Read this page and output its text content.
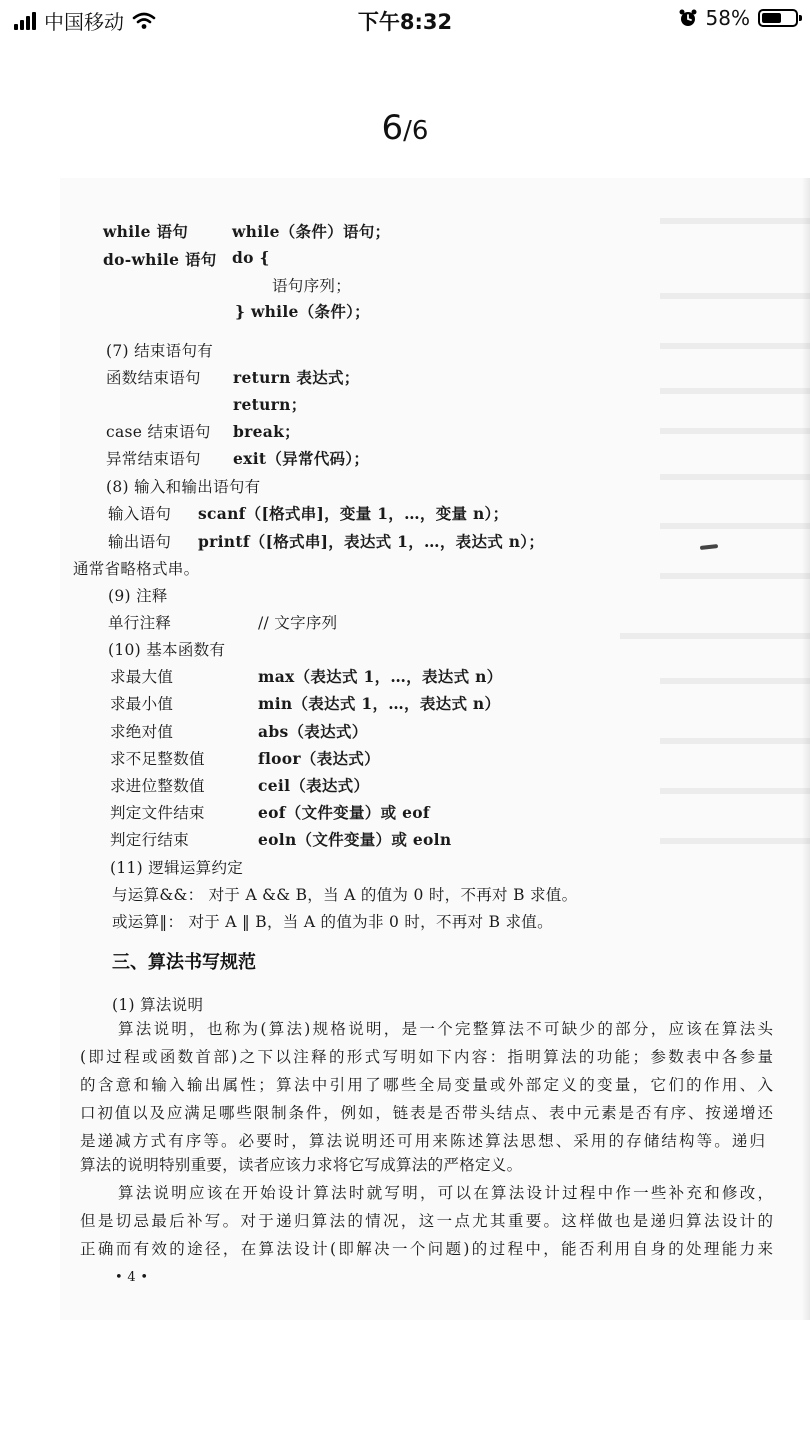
中国移动	下午8:32	58%
6/6
while 语句	while（条件）语句；
do-while 语句 do {
语句序列；
} while（条件）；
(7) 结束语句有
函数结束语句 return 表达式；
return；
case 结束语句 break；
异常结束语句 exit（异常代码）；
(8) 输入和输出语句有
输入语句 scanf（[格式串]，变量 1，…，变量 n）；
输出语句 printf（[格式串]，表达式 1，…，表达式 n）；
通常省略格式串。
(9) 注释
单行注释	// 文字序列
(10) 基本函数有
求最大值	max（表达式 1，…，表达式 n）
求最小值	min（表达式 1，…，表达式 n）
求绝对值	abs（表达式）
求不足整数值	floor（表达式）
求进位整数值	ceil（表达式）
判定文件结束	eof（文件变量）或 eof
判定行结束	eoln（文件变量）或 eoln
(11) 逻辑运算约定
与运算&&： 对于 A && B，当 A 的值为 0 时，不再对 B 求值。
或运算‖： 对于 A ‖ B，当 A 的值为非 0 时，不再对 B 求值。
三、算法书写规范
(1) 算法说明
算法说明，也称为(算法)规格说明，是一个完整算法不可缺少的部分，应该在算法头
(即过程或函数首部)之下以注释的形式写明如下内容：指明算法的功能；参数表中各参量
的含意和输入输出属性；算法中引用了哪些全局变量或外部定义的变量，它们的作用、入
口初值以及应满足哪些限制条件，例如，链表是否带头结点、表中元素是否有序、按递增还
是递减方式有序等。必要时，算法说明还可用来陈述算法思想、采用的存储结构等。递归
算法的说明特别重要，读者应该力求将它写成算法的严格定义。
算法说明应该在开始设计算法时就写明，可以在算法设计过程中作一些补充和修改，
但是切忌最后补写。对于递归算法的情况，这一点尤其重要。这样做也是递归算法设计的
正确而有效的途径，在算法设计(即解决一个问题)的过程中，能否利用自身的处理能力来
• 4 •
